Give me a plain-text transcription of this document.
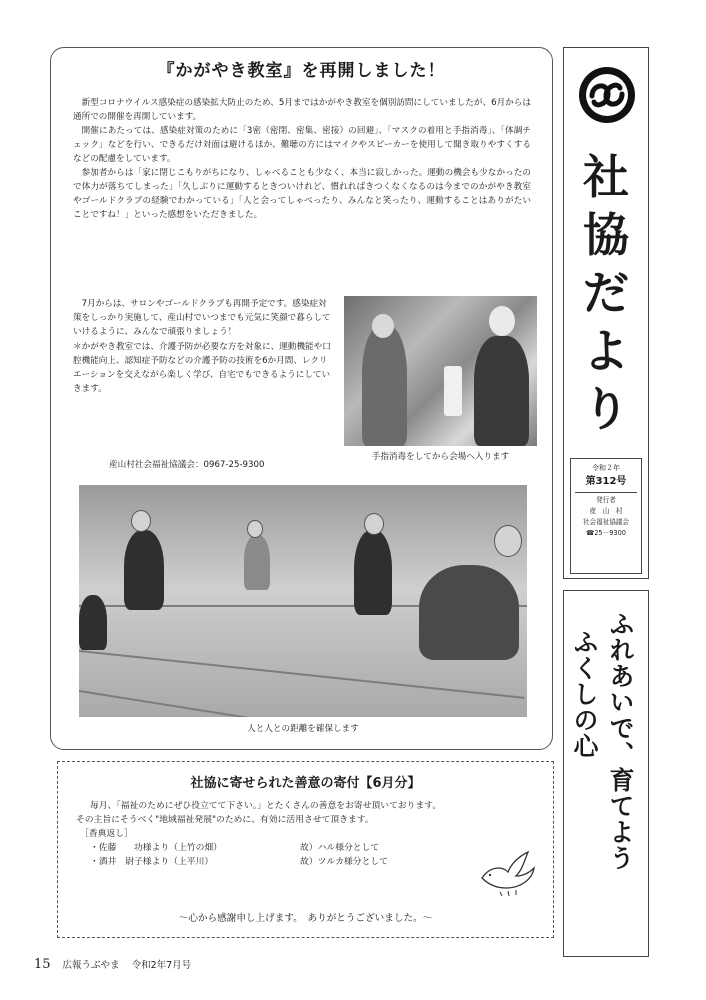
『かがやき教室』を再開しました！

新型コロナウイルス感染症の感染拡大防止のため、5月まではかがやき教室を個別訪問にしていましたが、6月からは通所での開催を再開しています。

開催にあたっては、感染症対策のために「3密（密閉、密集、密接）の回避」、「マスクの着用と手指消毒」、「体調チェック」などを行い、できるだけ対面は避けるほか、難聴の方にはマイクやスピーカーを使用して聞き取りやすくするなどの配慮をしています。

参加者からは「家に閉じこもりがちになり、しゃべることも少なく、本当に寂しかった。運動の機会も少なかったので体力が落ちてしまった」「久しぶりに運動するときついけれど、慣れればきつくなくなるのは今までのかがやき教室やゴールドクラブの経験でわかっている」「人と会ってしゃべったり、みんなと笑ったり、運動することはありがたいことですね！」といった感想をいただきました。

7月からは、サロンやゴールドクラブも再開予定です。感染症対策をしっかり実施して、産山村でいつまでも元気に笑顔で暮らしていけるように、みんなで頑張りましょう！

＊かがやき教室では、介護予防が必要な方を対象に、運動機能や口腔機能向上、認知症予防などの介護予防の技術を6か月間、レクリエーションを交えながら楽しく学び、自宅でもできるようにしていきます。

産山村社会福祉協議会：0967-25-9300
手指消毒をしてから会場へ入ります
人と人との距離を確保します
社
協
だ
よ
り
令和２年
第312号
発行者
産　山　村
社会福祉協議会
☎25－9300
ふれあいで、育てよう
ふくしの心
社協に寄せられた善意の寄付【6月分】

毎月、「福祉のためにぜひ役立てて下さい。」とたくさんの善意をお寄せ頂いております。

その主旨にそうべく"地域福祉発展"のために、有効に活用させて頂きます。

［香典返し］

・佐藤　　功様より（上竹の畑）	故） ハル様分として
・酒井　尉子様より（上平川）	故） ツルカ様分として
～心から感謝申し上げます。　ありがとうございました。～
15 広報うぶやま 令和2年7月号
